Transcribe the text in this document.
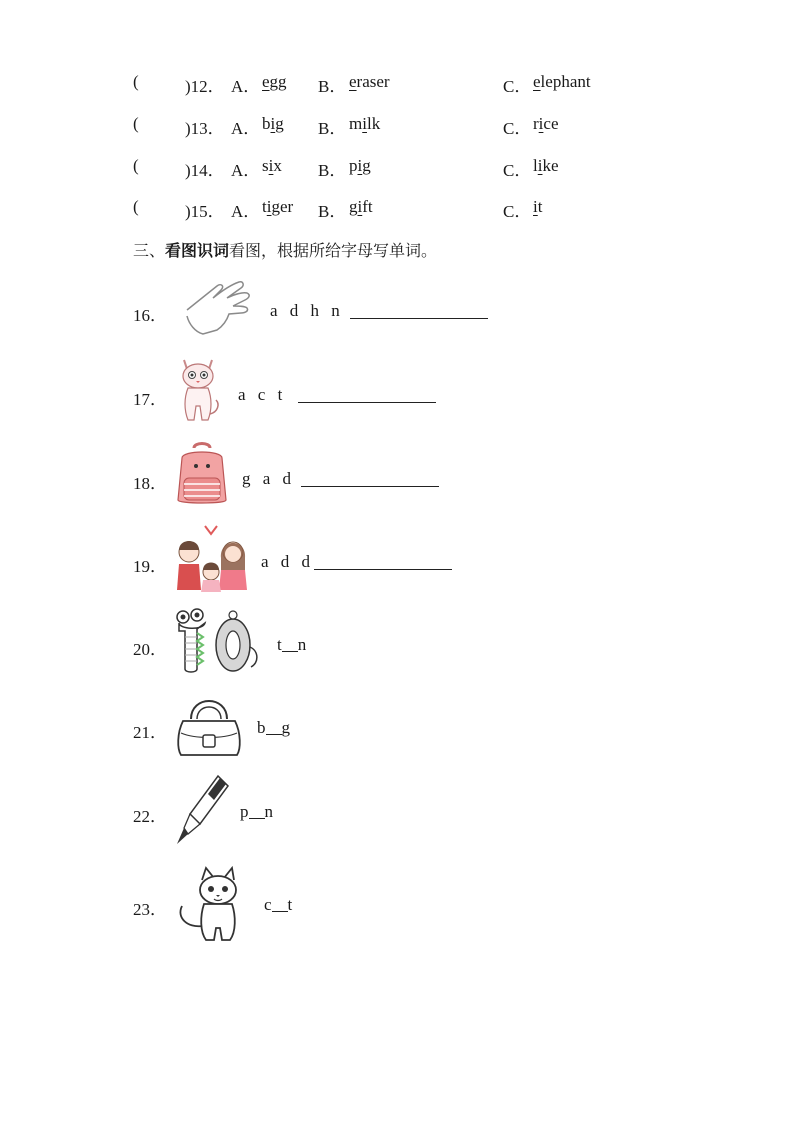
(	)12． A． egg B． eraser	C． elephant
(	)13． A． big B． milk	C． rice
(	)14． A． six B． pig	C． like
(	)15． A． tiger B． gift	C． it
三、看图识词看图，根据所给字母写单词。
16．	a d h n
17．	a c t
18．	g a d
19．	a d d
20．	t n
21．	b g
22．	p n
23．	c t
